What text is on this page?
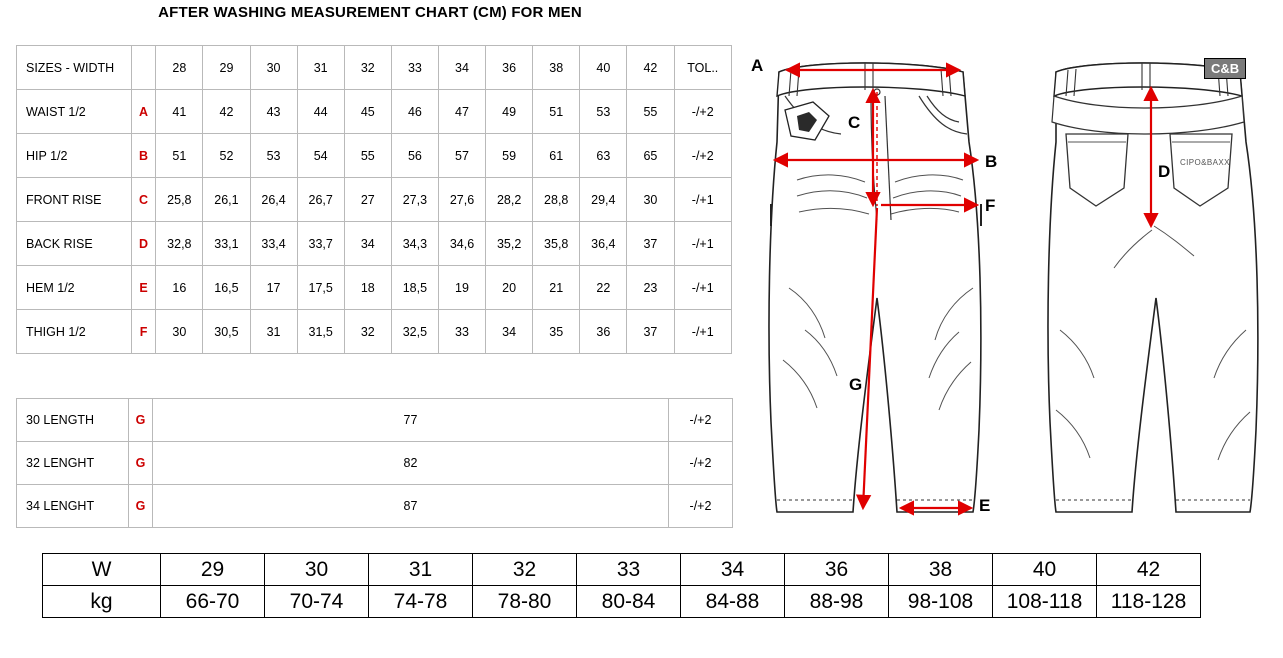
AFTER WASHING MEASUREMENT CHART (CM) FOR MEN
SIZES - WIDTH		28	29	30	31	32	33	34	36	38	40	42	TOL..
WAIST 1/2	A	41	42	43	44	45	46	47	49	51	53	55	-/+2
HIP 1/2	B	51	52	53	54	55	56	57	59	61	63	65	-/+2
FRONT RISE	C	25,8	26,1	26,4	26,7	27	27,3	27,6	28,2	28,8	29,4	30	-/+1
BACK RISE	D	32,8	33,1	33,4	33,7	34	34,3	34,6	35,2	35,8	36,4	37	-/+1
HEM 1/2	E	16	16,5	17	17,5	18	18,5	19	20	21	22	23	-/+1
THIGH 1/2	F	30	30,5	31	31,5	32	32,5	33	34	35	36	37	-/+1
30 LENGTH	G	77	-/+2
32 LENGHT	G	82	-/+2
34 LENGHT	G	87	-/+2
W	29	30	31	32	33	34	36	38	40	42
kg	66-70	70-74	74-78	78-80	80-84	84-88	88-98	98-108	108-118	118-128
A
B
C
F
G
E
D
C&B
CIPO&BAXX
